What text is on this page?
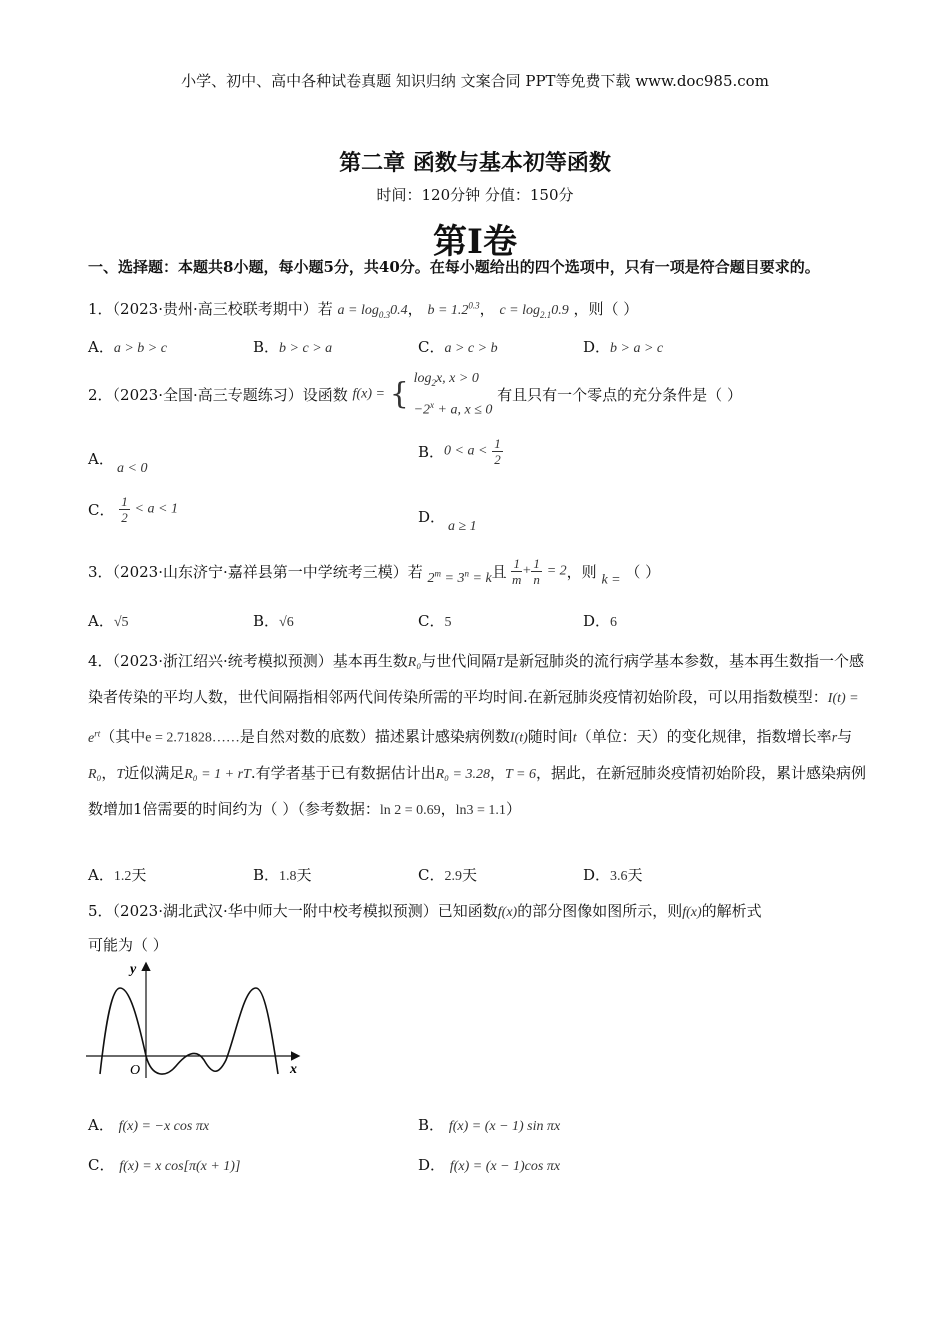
小学、初中、高中各种试卷真题 知识归纳 文案合同 PPT等免费下载 www.doc985.com
第二章 函数与基本初等函数
时间：120分钟 分值：150分
第Ⅰ卷
一、选择题：本题共8小题，每小题5分，共40分。在每小题给出的四个选项中，只有一项是符合题目要求的。
1．（2023·贵州·高三校联考期中）若 $a = \log_{0.3}0.4$， $b = 1.2^{0.3}$， $c = \log_{2.1}0.9$ ，则（ ）
A．a > b > c	B．b > c > a	C．a > c > b	D．b > a > c
2．（2023·全国·高三专题练习）设函数 f(x) = { $\log_2x$, x > 0
$-2^x + a$, x ≤ 0
有且只有一个零点的充分条件是（ ）
A．
a < 0
B．$0 < a < \frac{1}{2}$
C． $\frac{1}{2} < a < 1$	D．
a ≥ 1
3．（2023·山东济宁·嘉祥县第一中学统考三模）若 $2^m = 3^n = k$且 $\frac{1}{m} + \frac{1}{n} = 2$，则 k = （ ）
A．√5	B．√6	C．5	D．6
4．（2023·浙江绍兴·统考模拟预测）基本再生数R₀与世代间隔T是新冠肺炎的流行病学基本参数，基本再生数指一个感染者传染的平均人数，世代间隔指相邻两代间传染所需的平均时间.在新冠肺炎疫情初始阶段，可以用指数模型：$I(t) = e^{rt}$（其中e = 2.71828……是自然对数的底数）描述累计感染病例数I(t)随时间t（单位：天）的变化规律，指数增长率r与R₀，T近似满足R₀ = 1 + rT.有学者基于已有数据估计出R₀ = 3.28，T = 6，据此，在新冠肺炎疫情初始阶段，累计感染病例数增加1倍需要的时间约为（ ）（参考数据：ln 2 = 0.69，ln3 = 1.1）
A．1.2天	B．1.8天	C．2.9天	D．3.6天
5．（2023·湖北武汉·华中师大一附中校考模拟预测）已知函数f(x)的部分图像如图所示，则f(x)的解析式
可能为（ ）
y
x
O
A． f(x) = −x cos πx	B． f(x) = (x − 1) sin πx
C． f(x) = x cos[π(x + 1)]	D． f(x) = (x − 1)cos πx
